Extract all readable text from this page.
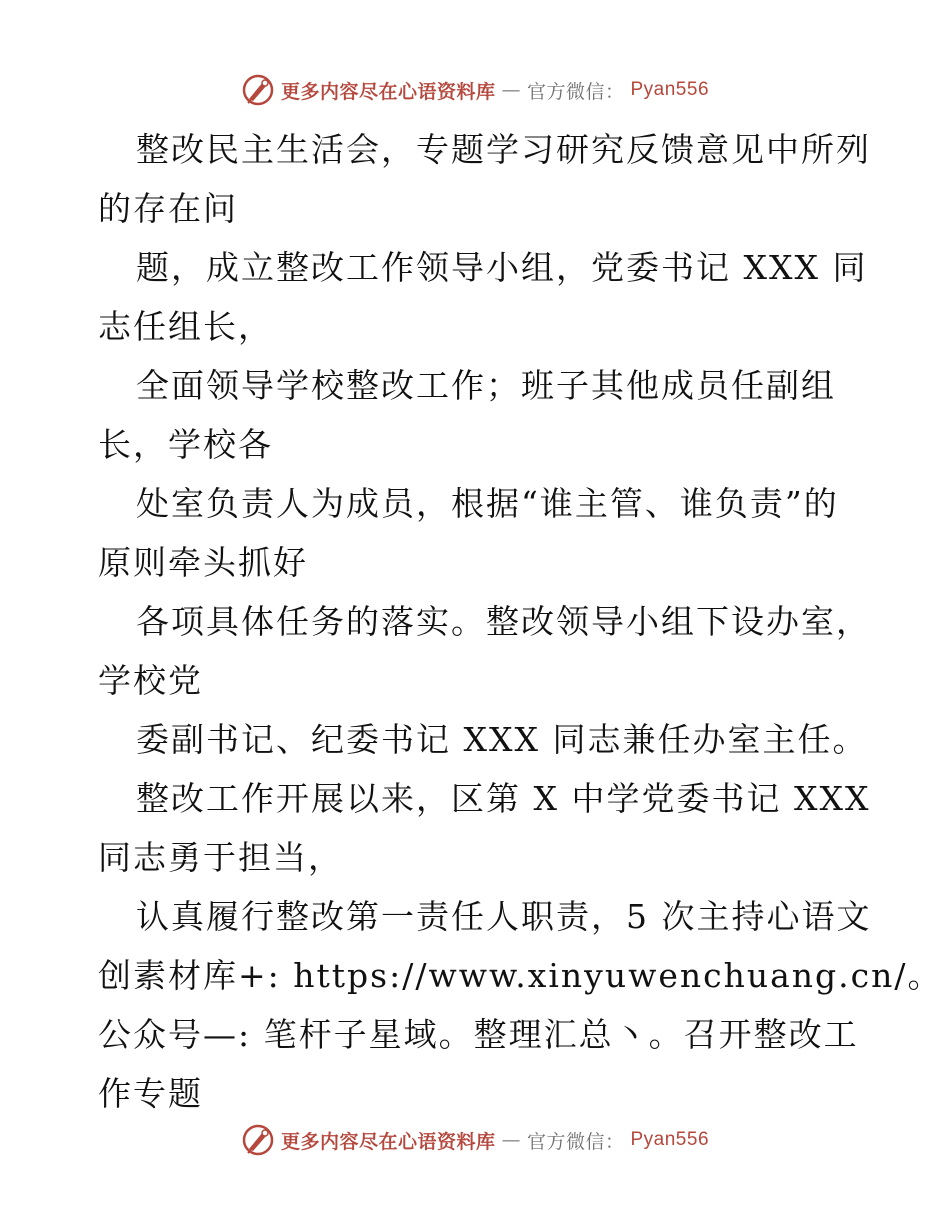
更多内容尽在心语资料库 — 官方微信： Pyan556
整改民主生活会，专题学习研究反馈意见中所列
的存在问
题，成立整改工作领导小组，党委书记 XXX 同
志任组长，
全面领导学校整改工作；班子其他成员任副组
长，学校各
处室负责人为成员，根据“谁主管、谁负责”的
原则牵头抓好
各项具体任务的落实。整改领导小组下设办室，
学校党
委副书记、纪委书记 XXX 同志兼任办室主任。
整改工作开展以来，区第 X 中学党委书记 XXX
同志勇于担当，
认真履行整改第一责任人职责，5 次主持心语文
创素材库+: https://www.xinyuwenchuang.cn/。
公众号—: 笔杆子星域。整理汇总丶。召开整改工
作专题
更多内容尽在心语资料库 — 官方微信： Pyan556
